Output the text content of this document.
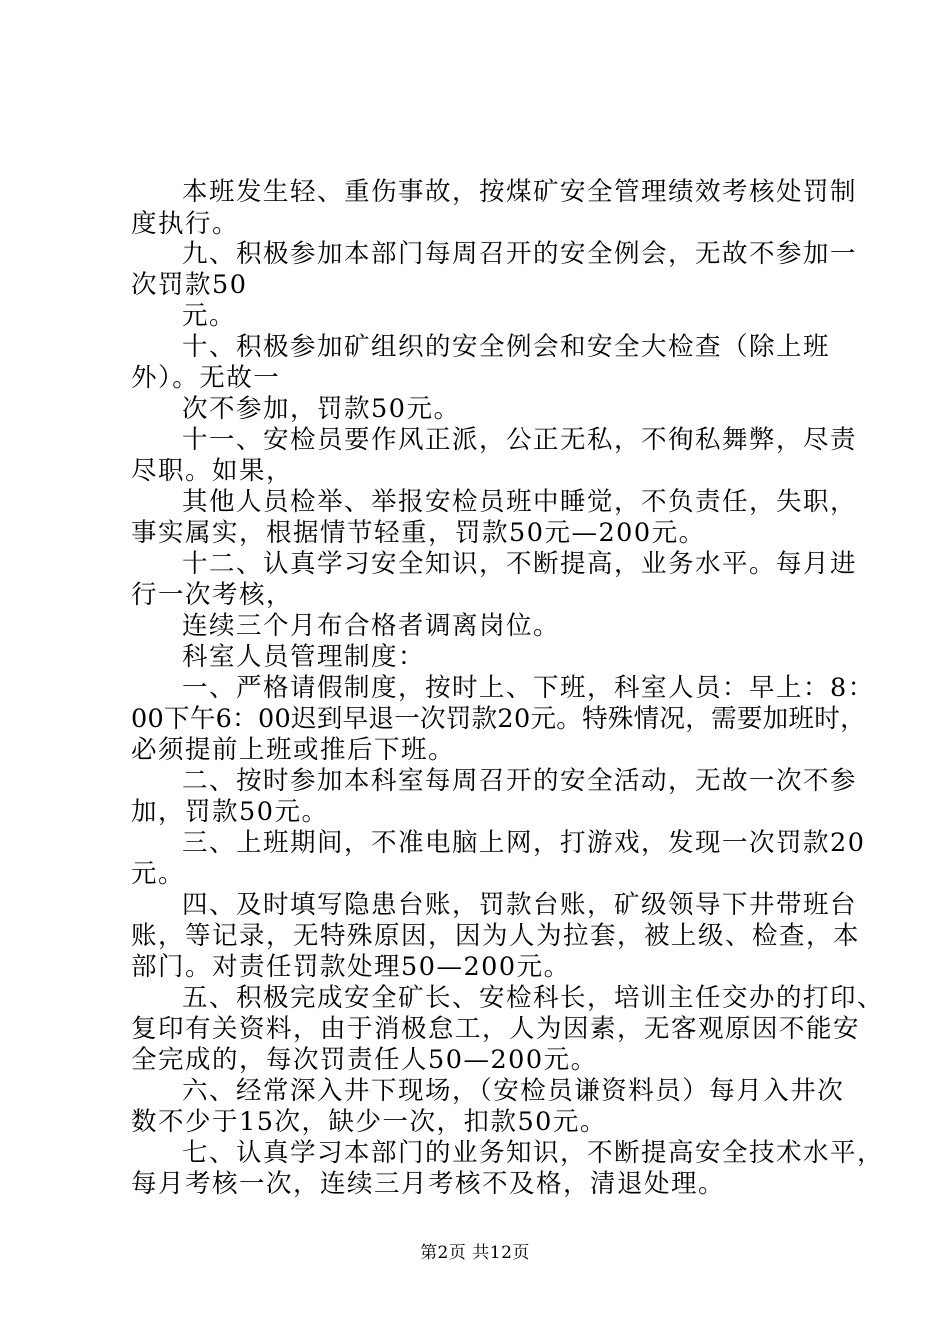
本班发生轻、重伤事故，按煤矿安全管理绩效考核处罚制
度执行。
九、积极参加本部门每周召开的安全例会，无故不参加一
次罚款50
元。
十、积极参加矿组织的安全例会和安全大检查（除上班
外）。无故一
次不参加，罚款50元。
十一、安检员要作风正派，公正无私，不徇私舞弊，尽责
尽职。如果，
其他人员检举、举报安检员班中睡觉，不负责任，失职，
事实属实，根据情节轻重，罚款50元—200元。
十二、认真学习安全知识，不断提高，业务水平。每月进
行一次考核，
连续三个月布合格者调离岗位。
科室人员管理制度：
一、严格请假制度，按时上、下班，科室人员：早上：8：
00下午6：00迟到早退一次罚款20元。特殊情况，需要加班时，
必须提前上班或推后下班。
二、按时参加本科室每周召开的安全活动，无故一次不参
加，罚款50元。
三、上班期间，不准电脑上网，打游戏，发现一次罚款20
元。
四、及时填写隐患台账，罚款台账，矿级领导下井带班台
账，等记录，无特殊原因，因为人为拉套，被上级、检查，本
部门。对责任罚款处理50—200元。
五、积极完成安全矿长、安检科长，培训主任交办的打印、
复印有关资料，由于消极怠工，人为因素，无客观原因不能安
全完成的，每次罚责任人50—200元。
六、经常深入井下现场，（安检员谦资料员）每月入井次
数不少于15次，缺少一次，扣款50元。
七、认真学习本部门的业务知识，不断提高安全技术水平，
每月考核一次，连续三月考核不及格，清退处理。
第2页 共12页
